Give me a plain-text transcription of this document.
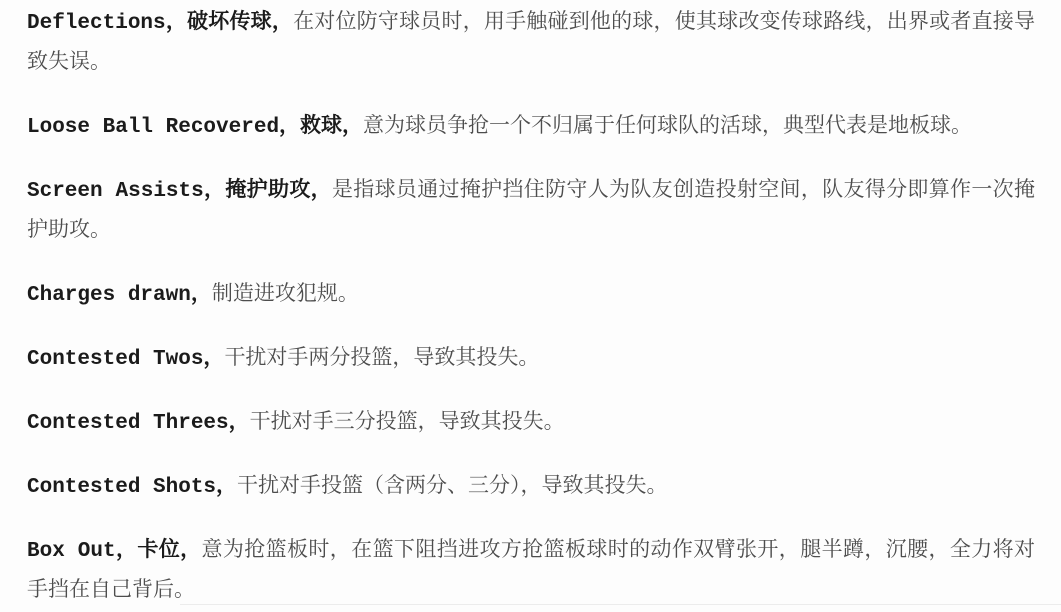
Deflections，破坏传球，在对位防守球员时，用手触碰到他的球，使其球改变传球路线，出界或者直接导致失误。

Loose Ball Recovered，救球，意为球员争抢一个不归属于任何球队的活球，典型代表是地板球。

Screen Assists，掩护助攻，是指球员通过掩护挡住防守人为队友创造投射空间，队友得分即算作一次掩护助攻。

Charges drawn，制造进攻犯规。

Contested Twos，干扰对手两分投篮，导致其投失。

Contested Threes，干扰对手三分投篮，导致其投失。

Contested Shots，干扰对手投篮（含两分、三分），导致其投失。

Box Out，卡位，意为抢篮板时，在篮下阻挡进攻方抢篮板球时的动作双臂张开，腿半蹲，沉腰，全力将对手挡在自己背后。
